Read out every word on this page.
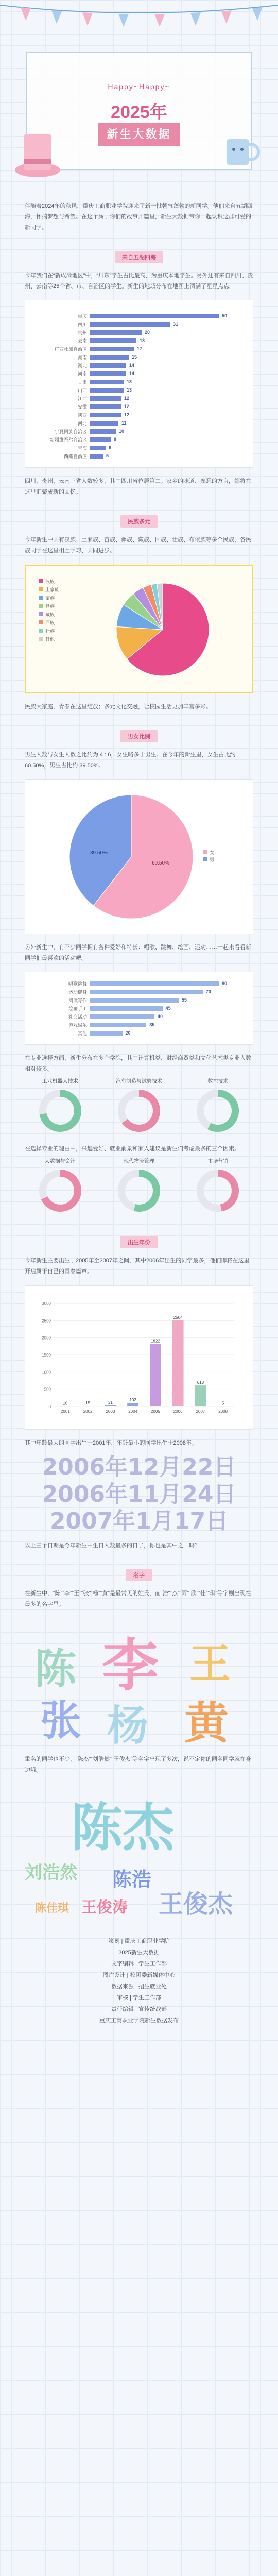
Happy~Happy~
2025年
新生大数据
伴随着2024年的秋风，重庆工商职业学院迎来了新一批朝气蓬勃的新同学。他们来自五湖四海，怀揣梦想与希望。在这个属于你们的故事开篇里，新生大数据带你一起认识这群可爱的新同学。
来自五湖四海
今年我们在“新成渝地区”中，“川东”学生占比最高，为重庆本地学生。另外还有来自四川、贵州、云南等25个省、市、自治区的学生。新生的地域分布在地图上洒满了星星点点。
重庆	50
四川	31
贵州	20
云南	18
广西壮族自治区	17
湖南	15
湖北	14
河南	14
甘肃	13
山西	13
江西	12
安徽	12
陕西	12
河北	11
宁夏回族自治区	10
新疆维吾尔自治区	8
青海	6
西藏自治区	5
四川、贵州、云南三省人数较多，其中四川省位居第二。家乡的味道、熟悉的方言，都将在这里汇聚成新的回忆。
民族多元
今年新生中共有汉族、土家族、苗族、彝族、藏族、回族、壮族、布依族等多个民族，各民族同学在这里相互学习、共同进步。
汉族
土家族
苗族
彝族
藏族
回族
壮族
其他
民族大家庭，青春在这里绽放；多元文化交融，让校园生活更加丰富多彩。
男女比例
男生人数与女生人数之比约为 4 : 6，女生略多于男生。在今年的新生里，女生占比约 60.50%，男生占比约 39.50%。
39.50%
60.50%
女
男
另外新生中，有不少同学拥有各种爱好和特长：唱歌、跳舞、绘画、运动……一起来看看新同学们最喜欢的活动吧。
唱歌跳舞	80
运动健身	70
阅读写作	55
绘画手工	45
社交活动	40
游戏娱乐	35
其他	20
在专业选择方面，新生分布在多个学院，其中计算机类、财经商贸类和文化艺术类专业人数相对较多。
工业机器人技术	汽车制造与试验技术	数控技术
在选择专业的理由中，兴趣爱好、就业前景和家人建议是新生们考虑最多的三个因素。
大数据与会计	现代物流管理	市场营销
出生年份
今年新生主要出生于2005年至2007年之间，其中2006年出生的同学最多，他们即将在这里开启属于自己的青春篇章。
0
500
1000
1500
2000
2500
3000
10
2001
15
2002
31
2003
102
2004
1822
2005
2504
2006
613
2007
5
2008
其中年龄最大的同学出生于2001年，年龄最小的同学出生于2008年。
2006年12月22日
2006年11月24日
2007年1月17日
以上三个日期是今年新生中生日人数最多的日子，你也是其中之一吗？
名字
在新生中，“陈”“李”“王”“张”“杨”“黄”是最常见的姓氏，而“浩”“杰”“雨”“欣”“佳”“琪”等字则出现在最多的名字里。
陈 李 王
张 杨 黄
重名的同学也不少，“陈杰”“刘浩然”“王俊杰”等名字出现了多次，说不定你的同名同学就在身边哦。
陈杰
刘浩然 陈浩
王俊杰
王俊涛
陈佳琪
策划 | 重庆工商职业学院
2025新生大数据
文字编辑 | 学生工作部
图片设计 | 校团委新媒体中心
数据来源 | 招生就业处
审核 | 学生工作部
责任编辑 | 宣传统战部
重庆工商职业学院新生数据发布
